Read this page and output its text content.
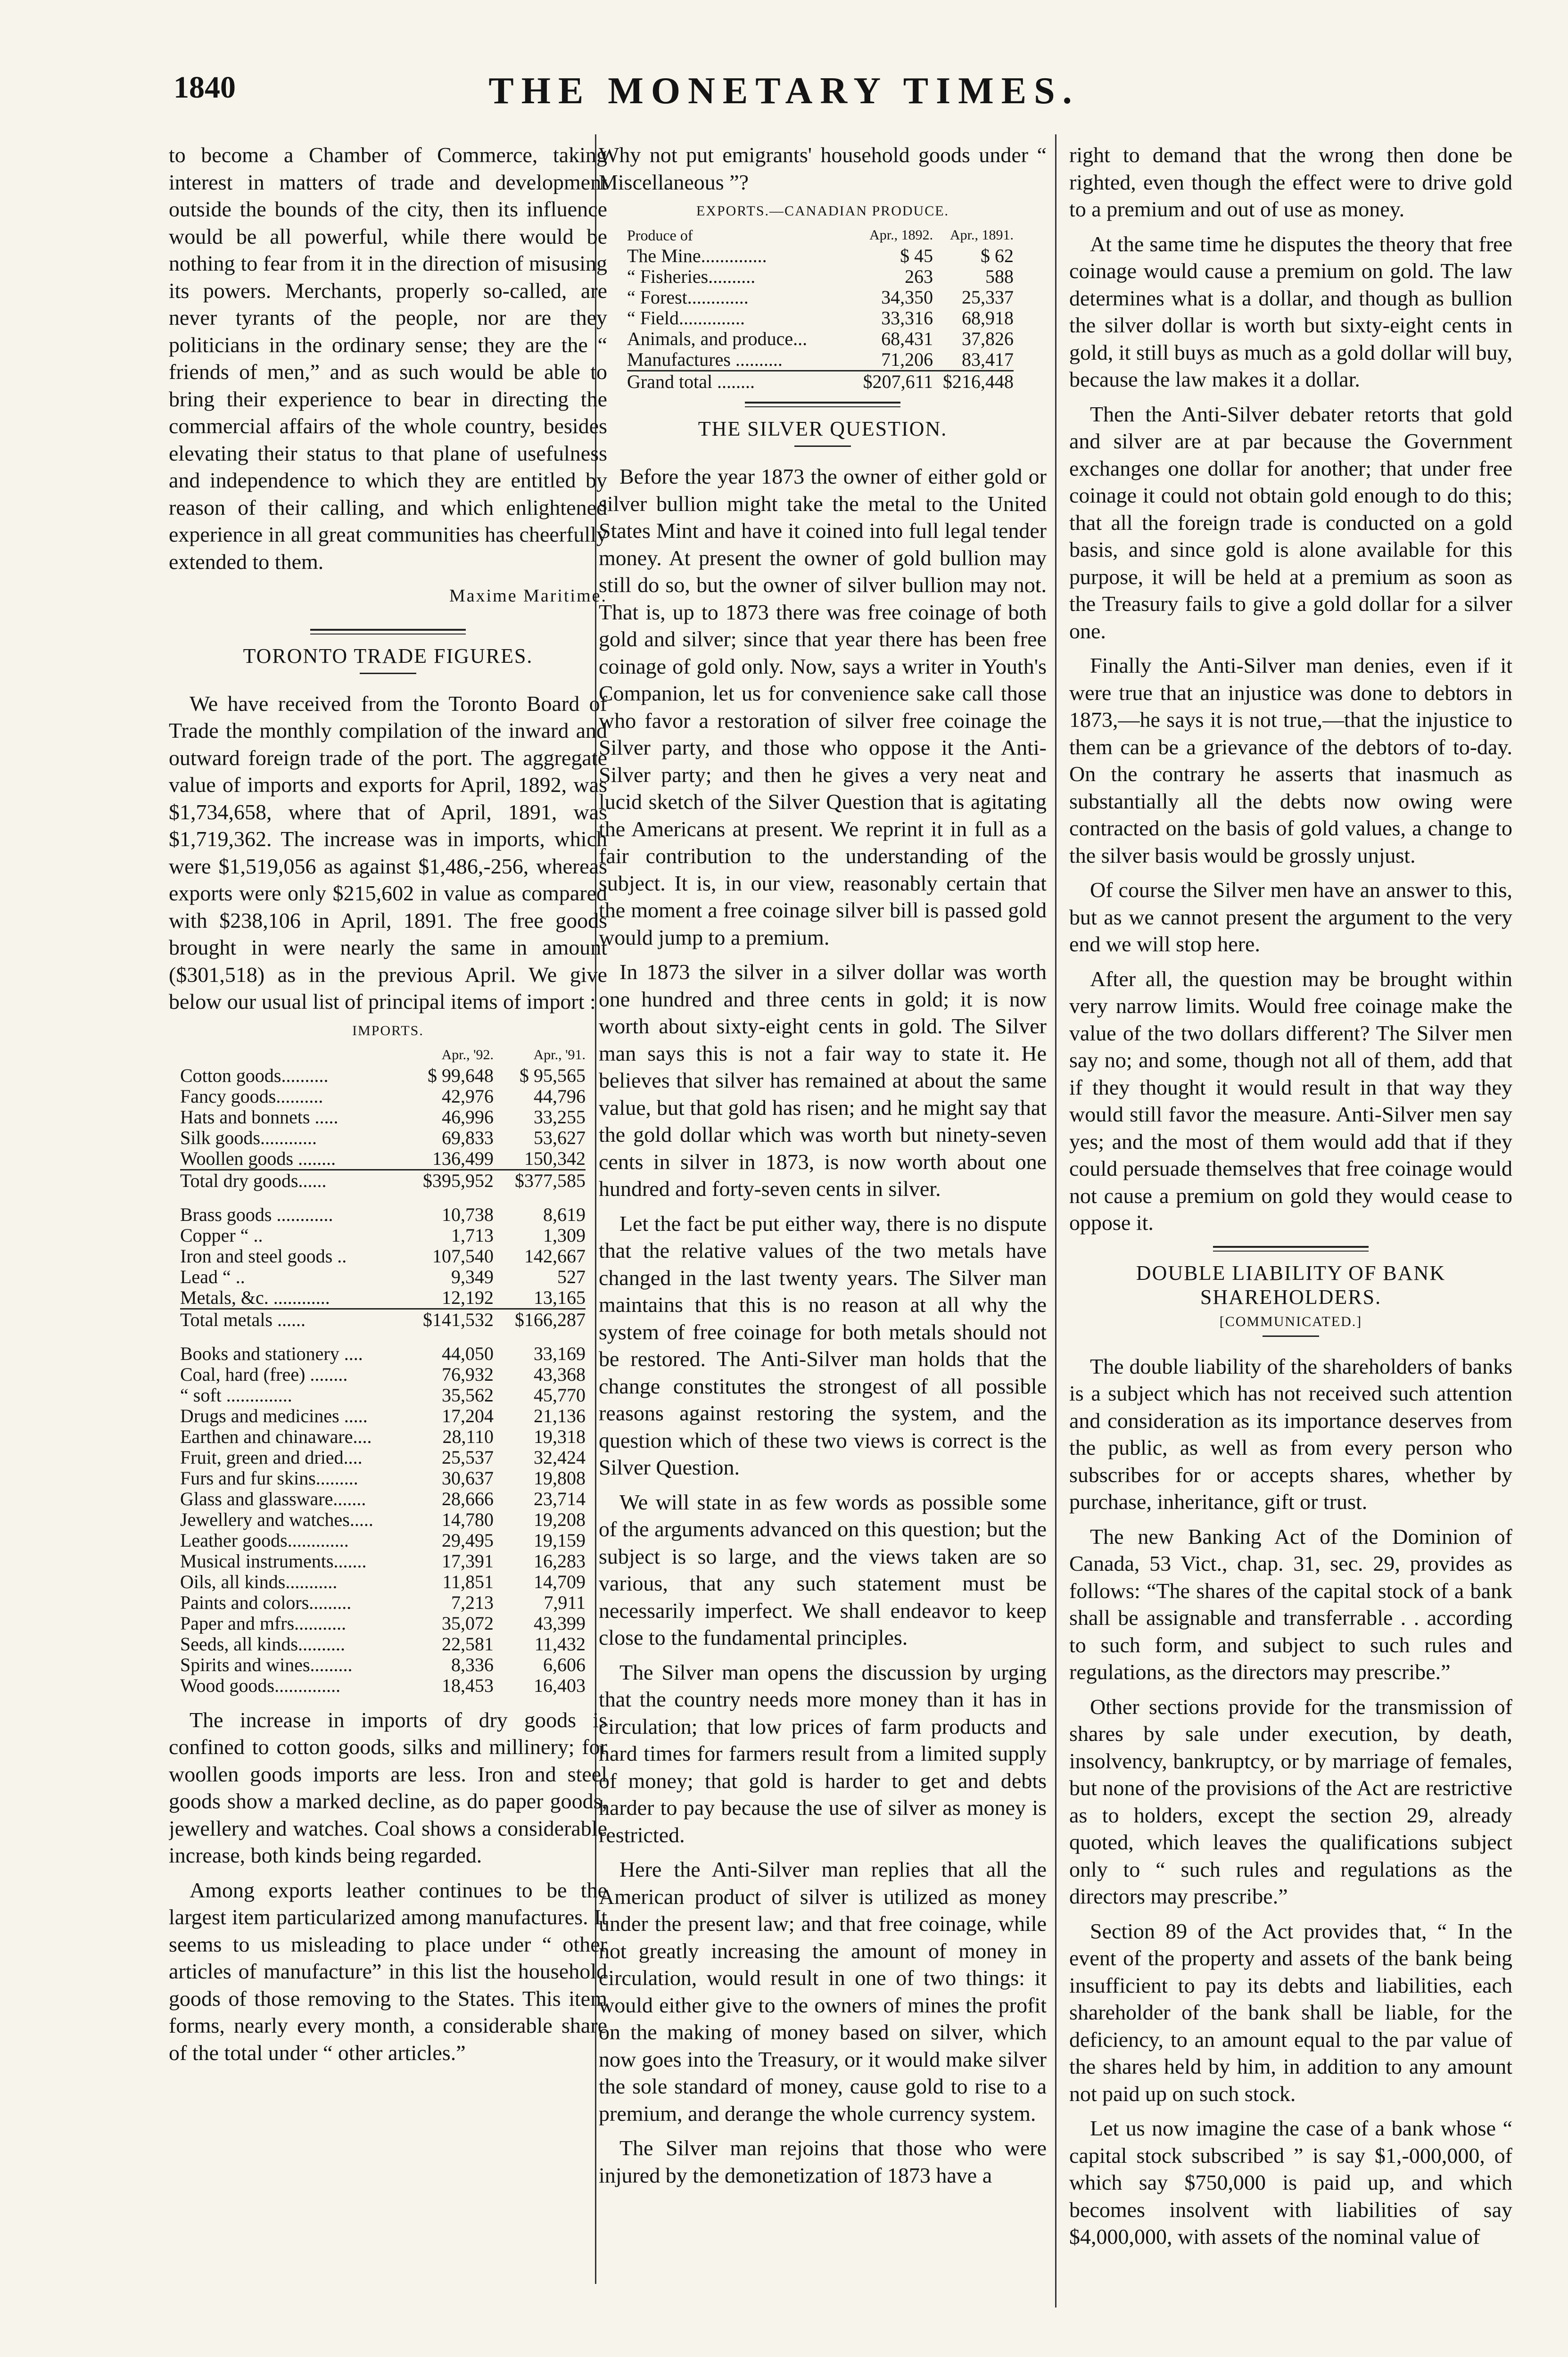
1840	THE MONETARY TIMES.

to become a Chamber of Commerce, taking interest in matters of trade and development outside the bounds of the city, then its influence would be all powerful, while there would be nothing to fear from it in the direction of misusing its powers. Merchants, properly so-called, are never tyrants of the people, nor are they politicians in the ordinary sense; they are the “ friends of men,” and as such would be able to bring their experience to bear in directing the commercial affairs of the whole country, besides elevating their status to that plane of usefulness and independence to which they are entitled by reason of their calling, and which enlightened experience in all great communities has cheerfully extended to them.

Maxime Maritime.

TORONTO TRADE FIGURES.

We have received from the Toronto Board of Trade the monthly compilation of the inward and outward foreign trade of the port. The aggregate value of imports and exports for April, 1892, was $1,734,658, where that of April, 1891, was $1,719,362. The increase was in imports, which were $1,519,056 as against $1,486,-256, whereas exports were only $215,602 in value as compared with $238,106 in April, 1891. The free goods brought in were nearly the same in amount ($301,518) as in the previous April. We give below our usual list of principal items of import :

IMPORTS.
	Apr., '92.	Apr., '91.
Cotton goods..........	$ 99,648	$ 95,565
Fancy goods..........	42,976	44,796
Hats and bonnets .....	46,996	33,255
Silk goods............	69,833	53,627
Woollen goods ........	136,499	150,342
Total dry goods......	$395,952	$377,585

Brass goods ............	10,738	8,619
Copper “ ..	1,713	1,309
Iron and steel goods ..	107,540	142,667
Lead “ ..	9,349	527
Metals, &c. ............	12,192	13,165
Total metals ......	$141,532	$166,287

Books and stationery ....	44,050	33,169
Coal, hard (free) ........	76,932	43,368
“ soft ..............	35,562	45,770
Drugs and medicines .....	17,204	21,136
Earthen and chinaware....	28,110	19,318
Fruit, green and dried....	25,537	32,424
Furs and fur skins.........	30,637	19,808
Glass and glassware.......	28,666	23,714
Jewellery and watches.....	14,780	19,208
Leather goods.............	29,495	19,159
Musical instruments.......	17,391	16,283
Oils, all kinds...........	11,851	14,709
Paints and colors.........	7,213	7,911
Paper and mfrs...........	35,072	43,399
Seeds, all kinds..........	22,581	11,432
Spirits and wines.........	8,336	6,606
Wood goods..............	18,453	16,403

The increase in imports of dry goods is confined to cotton goods, silks and millinery; for woollen goods imports are less. Iron and steel goods show a marked decline, as do paper goods, jewellery and watches. Coal shows a considerable increase, both kinds being regarded.

Among exports leather continues to be the largest item particularized among manufactures. It seems to us misleading to place under “ other articles of manufacture” in this list the household goods of those removing to the States. This item forms, nearly every month, a considerable share of the total under “ other articles.”

Why not put emigrants' household goods under “ Miscellaneous ”?

EXPORTS.—CANADIAN PRODUCE.
Produce of	Apr., 1892.	Apr., 1891.
The Mine..............	$ 45	$ 62
“ Fisheries..........	263	588
“ Forest.............	34,350	25,337
“ Field..............	33,316	68,918
Animals, and produce...	68,431	37,826
Manufactures ..........	71,206	83,417
Grand total ........	$207,611	$216,448
THE SILVER QUESTION.

Before the year 1873 the owner of either gold or silver bullion might take the metal to the United States Mint and have it coined into full legal tender money. At present the owner of gold bullion may still do so, but the owner of silver bullion may not. That is, up to 1873 there was free coinage of both gold and silver; since that year there has been free coinage of gold only. Now, says a writer in Youth's Companion, let us for convenience sake call those who favor a restoration of silver free coinage the Silver party, and those who oppose it the Anti-Silver party; and then he gives a very neat and lucid sketch of the Silver Question that is agitating the Americans at present. We reprint it in full as a fair contribution to the understanding of the subject. It is, in our view, reasonably certain that the moment a free coinage silver bill is passed gold would jump to a premium.

In 1873 the silver in a silver dollar was worth one hundred and three cents in gold; it is now worth about sixty-eight cents in gold. The Silver man says this is not a fair way to state it. He believes that silver has remained at about the same value, but that gold has risen; and he might say that the gold dollar which was worth but ninety-seven cents in silver in 1873, is now worth about one hundred and forty-seven cents in silver.

Let the fact be put either way, there is no dispute that the relative values of the two metals have changed in the last twenty years. The Silver man maintains that this is no reason at all why the system of free coinage for both metals should not be restored. The Anti-Silver man holds that the change constitutes the strongest of all possible reasons against restoring the system, and the question which of these two views is correct is the Silver Question.

We will state in as few words as possible some of the arguments advanced on this question; but the subject is so large, and the views taken are so various, that any such statement must be necessarily imperfect. We shall endeavor to keep close to the fundamental principles.

The Silver man opens the discussion by urging that the country needs more money than it has in circulation; that low prices of farm products and hard times for farmers result from a limited supply of money; that gold is harder to get and debts harder to pay because the use of silver as money is restricted.

Here the Anti-Silver man replies that all the American product of silver is utilized as money under the present law; and that free coinage, while not greatly increasing the amount of money in circulation, would result in one of two things: it would either give to the owners of mines the profit on the making of money based on silver, which now goes into the Treasury, or it would make silver the sole standard of money, cause gold to rise to a premium, and derange the whole currency system.

The Silver man rejoins that those who were injured by the demonetization of 1873 have a

right to demand that the wrong then done be righted, even though the effect were to drive gold to a premium and out of use as money.

At the same time he disputes the theory that free coinage would cause a premium on gold. The law determines what is a dollar, and though as bullion the silver dollar is worth but sixty-eight cents in gold, it still buys as much as a gold dollar will buy, because the law makes it a dollar.

Then the Anti-Silver debater retorts that gold and silver are at par because the Government exchanges one dollar for another; that under free coinage it could not obtain gold enough to do this; that all the foreign trade is conducted on a gold basis, and since gold is alone available for this purpose, it will be held at a premium as soon as the Treasury fails to give a gold dollar for a silver one.

Finally the Anti-Silver man denies, even if it were true that an injustice was done to debtors in 1873,—he says it is not true,—that the injustice to them can be a grievance of the debtors of to-day. On the contrary he asserts that inasmuch as substantially all the debts now owing were contracted on the basis of gold values, a change to the silver basis would be grossly unjust.

Of course the Silver men have an answer to this, but as we cannot present the argument to the very end we will stop here.

After all, the question may be brought within very narrow limits. Would free coinage make the value of the two dollars different? The Silver men say no; and some, though not all of them, add that if they thought it would result in that way they would still favor the measure. Anti-Silver men say yes; and the most of them would add that if they could persuade themselves that free coinage would not cause a premium on gold they would cease to oppose it.

DOUBLE LIABILITY OF BANK SHAREHOLDERS.
[COMMUNICATED.]

The double liability of the shareholders of banks is a subject which has not received such attention and consideration as its importance deserves from the public, as well as from every person who subscribes for or accepts shares, whether by purchase, inheritance, gift or trust.

The new Banking Act of the Dominion of Canada, 53 Vict., chap. 31, sec. 29, provides as follows: “The shares of the capital stock of a bank shall be assignable and transferrable . . according to such form, and subject to such rules and regulations, as the directors may prescribe.”

Other sections provide for the transmission of shares by sale under execution, by death, insolvency, bankruptcy, or by marriage of females, but none of the provisions of the Act are restrictive as to holders, except the section 29, already quoted, which leaves the qualifications subject only to “ such rules and regulations as the directors may prescribe.”

Section 89 of the Act provides that, “ In the event of the property and assets of the bank being insufficient to pay its debts and liabilities, each shareholder of the bank shall be liable, for the deficiency, to an amount equal to the par value of the shares held by him, in addition to any amount not paid up on such stock.

Let us now imagine the case of a bank whose “ capital stock subscribed ” is say $1,-000,000, of which say $750,000 is paid up, and which becomes insolvent with liabilities of say $4,000,000, with assets of the nominal value of
